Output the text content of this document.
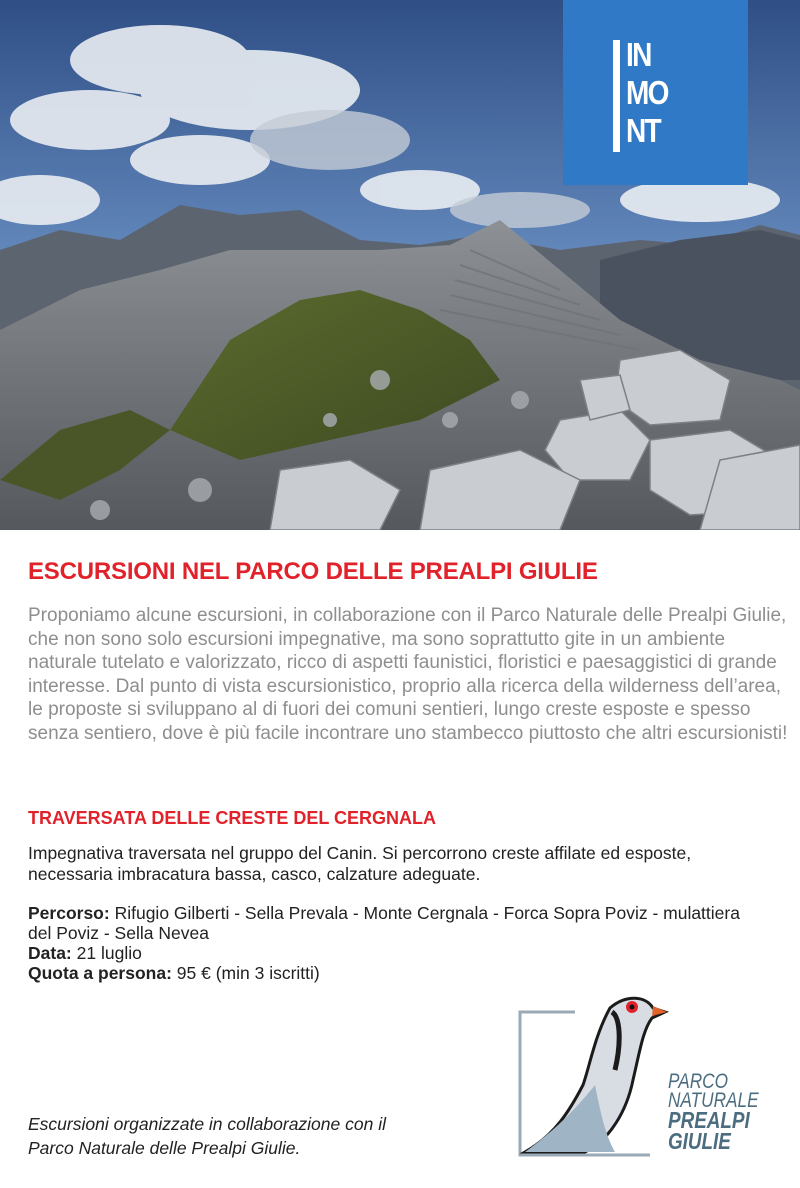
IN
MO
NT
ESCURSIONI NEL PARCO DELLE PREALPI GIULIE

Proponiamo alcune escursioni, in collaborazione con il Parco Naturale delle Prealpi Giulie, che non sono solo escursioni impegnative, ma sono soprattutto gite in un ambiente naturale tutelato e valorizzato, ricco di aspetti faunistici, floristici e paesaggistici di grande interesse. Dal punto di vista escursionistico, proprio alla ricerca della wilderness dell’area, le proposte si sviluppano al di fuori dei comuni sentieri, lungo creste esposte e spesso senza sentiero, dove è più facile incontrare uno stambecco piuttosto che altri escursionisti!

TRAVERSATA DELLE CRESTE DEL CERGNALA

Impegnativa traversata nel gruppo del Canin. Si percorrono creste affilate ed esposte, necessaria imbracatura bassa, casco, calzature adeguate.

Percorso: Rifugio Gilberti - Sella Prevala - Monte Cergnala - Forca Sopra Poviz - mulattiera del Poviz - Sella Nevea
Data: 21 luglio
Quota a persona: 95 € (min 3 iscritti)
Escursioni organizzate in collaborazione con il
Parco Naturale delle Prealpi Giulie.
PARCO
NATURALE
PREALPI
GIULIE
